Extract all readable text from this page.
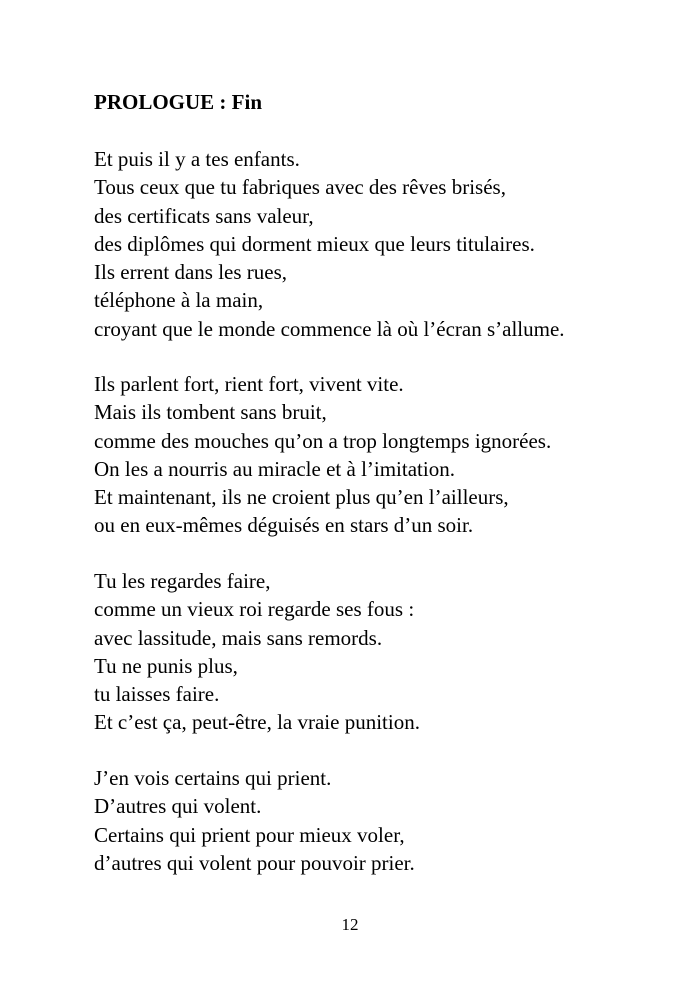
PROLOGUE : Fin
Et puis il y a tes enfants.
Tous ceux que tu fabriques avec des rêves brisés,
des certificats sans valeur,
des diplômes qui dorment mieux que leurs titulaires.
Ils errent dans les rues,
téléphone à la main,
croyant que le monde commence là où l’écran s’allume.
Ils parlent fort, rient fort, vivent vite.
Mais ils tombent sans bruit,
comme des mouches qu’on a trop longtemps ignorées.
On les a nourris au miracle et à l’imitation.
Et maintenant, ils ne croient plus qu’en l’ailleurs,
ou en eux-mêmes déguisés en stars d’un soir.
Tu les regardes faire,
comme un vieux roi regarde ses fous :
avec lassitude, mais sans remords.
Tu ne punis plus,
tu laisses faire.
Et c’est ça, peut-être, la vraie punition.
J’en vois certains qui prient.
D’autres qui volent.
Certains qui prient pour mieux voler,
d’autres qui volent pour pouvoir prier.
12
